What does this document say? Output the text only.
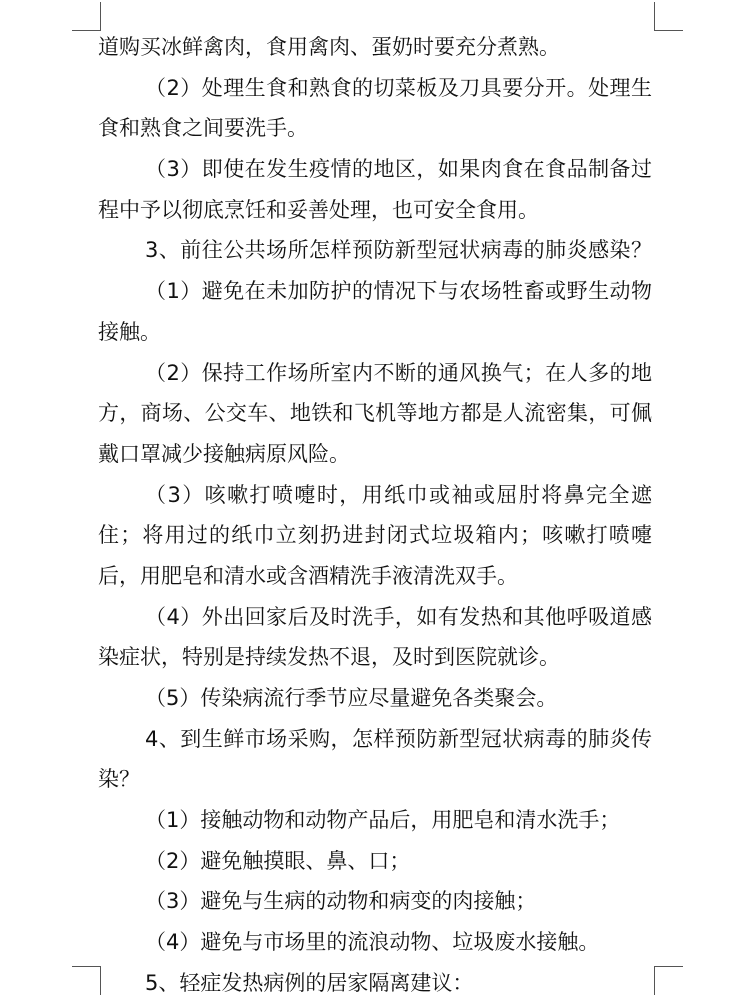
道购买冰鲜禽肉，食用禽肉、蛋奶时要充分煮熟。
（2）处理生食和熟食的切菜板及刀具要分开。处理生
食和熟食之间要洗手。
（3）即使在发生疫情的地区，如果肉食在食品制备过
程中予以彻底烹饪和妥善处理，也可安全食用。
3、前往公共场所怎样预防新型冠状病毒的肺炎感染？
（1）避免在未加防护的情况下与农场牲畜或野生动物
接触。
（2）保持工作场所室内不断的通风换气；在人多的地
方，商场、公交车、地铁和飞机等地方都是人流密集，可佩
戴口罩减少接触病原风险。
（3）咳嗽打喷嚏时，用纸巾或袖或屈肘将鼻完全遮
住；将用过的纸巾立刻扔进封闭式垃圾箱内；咳嗽打喷嚏
后，用肥皂和清水或含酒精洗手液清洗双手。
（4）外出回家后及时洗手，如有发热和其他呼吸道感
染症状，特别是持续发热不退，及时到医院就诊。
（5）传染病流行季节应尽量避免各类聚会。
4、到生鲜市场采购，怎样预防新型冠状病毒的肺炎传
染？
（1）接触动物和动物产品后，用肥皂和清水洗手；
（2）避免触摸眼、鼻、口；
（3）避免与生病的动物和病变的肉接触；
（4）避免与市场里的流浪动物、垃圾废水接触。
5、轻症发热病例的居家隔离建议：
